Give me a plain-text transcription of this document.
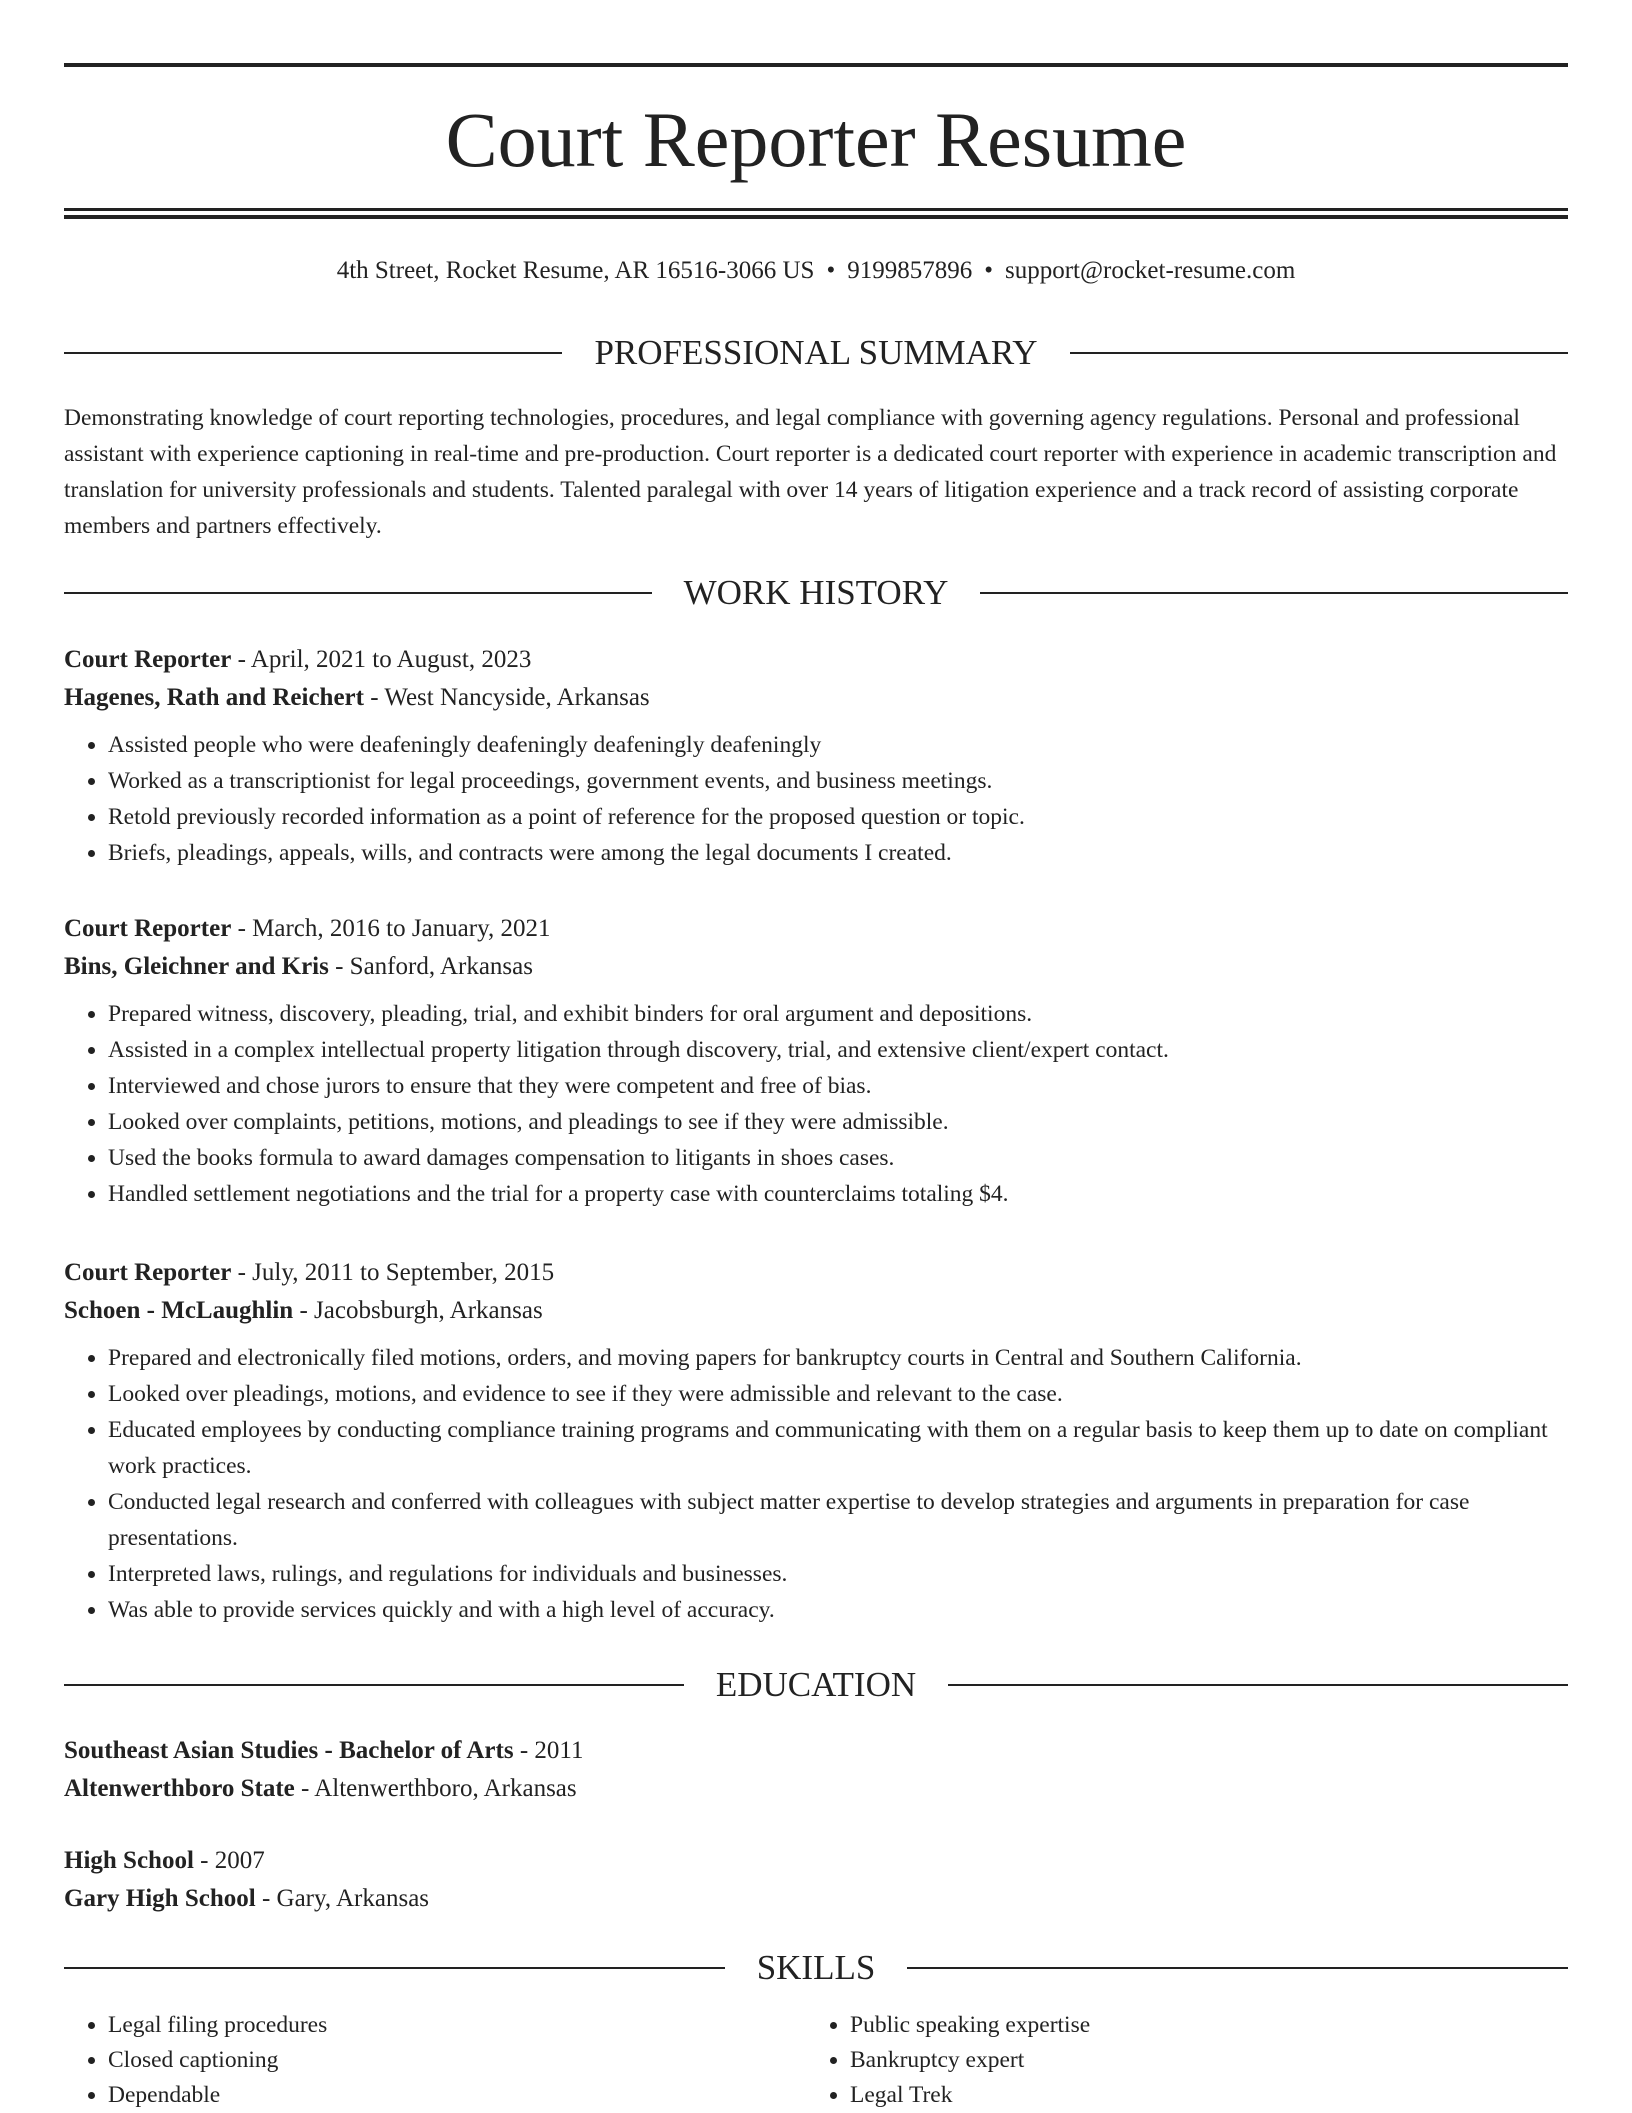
Court Reporter Resume
4th Street, Rocket Resume, AR 16516-3066 US • 9199857896 • support@rocket-resume.com
PROFESSIONAL SUMMARY

Demonstrating knowledge of court reporting technologies, procedures, and legal compliance with governing agency regulations. Personal and professional assistant with experience captioning in real-time and pre-production. Court reporter is a dedicated court reporter with experience in academic transcription and translation for university professionals and students. Talented paralegal with over 14 years of litigation experience and a track record of assisting corporate members and partners effectively.

WORK HISTORY
Court Reporter - April, 2021 to August, 2023
Hagenes, Rath and Reichert - West Nancyside, Arkansas
• Assisted people who were deafeningly deafeningly deafeningly deafeningly
• Worked as a transcriptionist for legal proceedings, government events, and business meetings.
• Retold previously recorded information as a point of reference for the proposed question or topic.
• Briefs, pleadings, appeals, wills, and contracts were among the legal documents I created.
Court Reporter - March, 2016 to January, 2021
Bins, Gleichner and Kris - Sanford, Arkansas
• Prepared witness, discovery, pleading, trial, and exhibit binders for oral argument and depositions.
• Assisted in a complex intellectual property litigation through discovery, trial, and extensive client/expert contact.
• Interviewed and chose jurors to ensure that they were competent and free of bias.
• Looked over complaints, petitions, motions, and pleadings to see if they were admissible.
• Used the books formula to award damages compensation to litigants in shoes cases.
• Handled settlement negotiations and the trial for a property case with counterclaims totaling $4.
Court Reporter - July, 2011 to September, 2015
Schoen - McLaughlin - Jacobsburgh, Arkansas
• Prepared and electronically filed motions, orders, and moving papers for bankruptcy courts in Central and Southern California.
• Looked over pleadings, motions, and evidence to see if they were admissible and relevant to the case.
• Educated employees by conducting compliance training programs and communicating with them on a regular basis to keep them up to date on compliant work practices.
• Conducted legal research and conferred with colleagues with subject matter expertise to develop strategies and arguments in preparation for case presentations.
• Interpreted laws, rulings, and regulations for individuals and businesses.
• Was able to provide services quickly and with a high level of accuracy.
EDUCATION
Southeast Asian Studies - Bachelor of Arts - 2011
Altenwerthboro State - Altenwerthboro, Arkansas
High School - 2007
Gary High School - Gary, Arkansas
SKILLS
• Legal filing procedures
• Closed captioning
• Dependable
• Public speaking expertise
• Bankruptcy expert
• Legal Trek
